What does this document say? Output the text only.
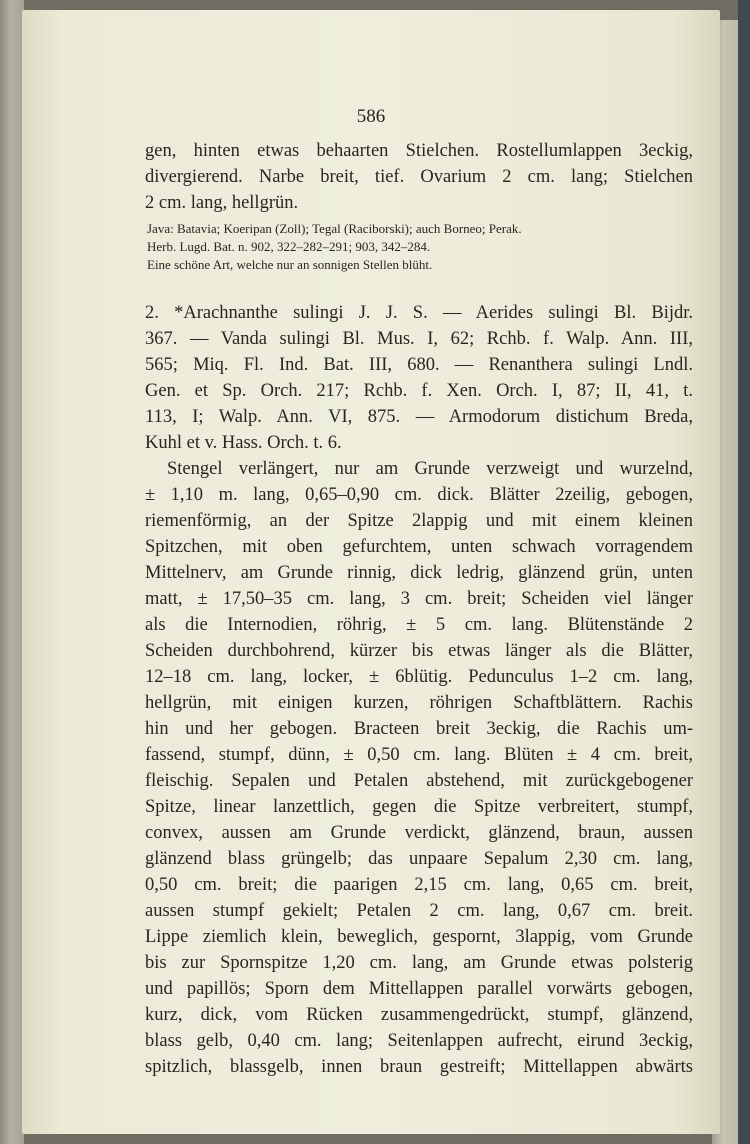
586
gen, hinten etwas behaarten Stielchen. Rostellumlappen 3eckig,
divergierend. Narbe breit, tief. Ovarium 2 cm. lang; Stielchen
2 cm. lang, hellgrün.
Java: Batavia; Koeripan (Zoll); Tegal (Raciborski); auch Borneo; Perak.
Herb. Lugd. Bat. n. 902, 322–282–291; 903, 342–284.
Eine schöne Art, welche nur an sonnigen Stellen blüht.
2. *Arachnanthe sulingi J. J. S. — Aerides sulingi Bl. Bijdr.
367. — Vanda sulingi Bl. Mus. I, 62; Rchb. f. Walp. Ann. III,
565; Miq. Fl. Ind. Bat. III, 680. — Renanthera sulingi Lndl.
Gen. et Sp. Orch. 217; Rchb. f. Xen. Orch. I, 87; II, 41, t.
113, I; Walp. Ann. VI, 875. — Armodorum distichum Breda,
Kuhl et v. Hass. Orch. t. 6.
Stengel verlängert, nur am Grunde verzweigt und wurzelnd,
± 1,10 m. lang, 0,65–0,90 cm. dick. Blätter 2zeilig, gebogen,
riemenförmig, an der Spitze 2lappig und mit einem kleinen
Spitzchen, mit oben gefurchtem, unten schwach vorragendem
Mittelnerv, am Grunde rinnig, dick ledrig, glänzend grün, unten
matt, ± 17,50–35 cm. lang, 3 cm. breit; Scheiden viel länger
als die Internodien, röhrig, ± 5 cm. lang. Blütenstände 2
Scheiden durchbohrend, kürzer bis etwas länger als die Blätter,
12–18 cm. lang, locker, ± 6blütig. Pedunculus 1–2 cm. lang,
hellgrün, mit einigen kurzen, röhrigen Schaftblättern. Rachis
hin und her gebogen. Bracteen breit 3eckig, die Rachis um-
fassend, stumpf, dünn, ± 0,50 cm. lang. Blüten ± 4 cm. breit,
fleischig. Sepalen und Petalen abstehend, mit zurückgebogener
Spitze, linear lanzettlich, gegen die Spitze verbreitert, stumpf,
convex, aussen am Grunde verdickt, glänzend, braun, aussen
glänzend blass grüngelb; das unpaare Sepalum 2,30 cm. lang,
0,50 cm. breit; die paarigen 2,15 cm. lang, 0,65 cm. breit,
aussen stumpf gekielt; Petalen 2 cm. lang, 0,67 cm. breit.
Lippe ziemlich klein, beweglich, gespornt, 3lappig, vom Grunde
bis zur Spornspitze 1,20 cm. lang, am Grunde etwas polsterig
und papillös; Sporn dem Mittellappen parallel vorwärts gebogen,
kurz, dick, vom Rücken zusammengedrückt, stumpf, glänzend,
blass gelb, 0,40 cm. lang; Seitenlappen aufrecht, eirund 3eckig,
spitzlich, blassgelb, innen braun gestreift; Mittellappen abwärts
